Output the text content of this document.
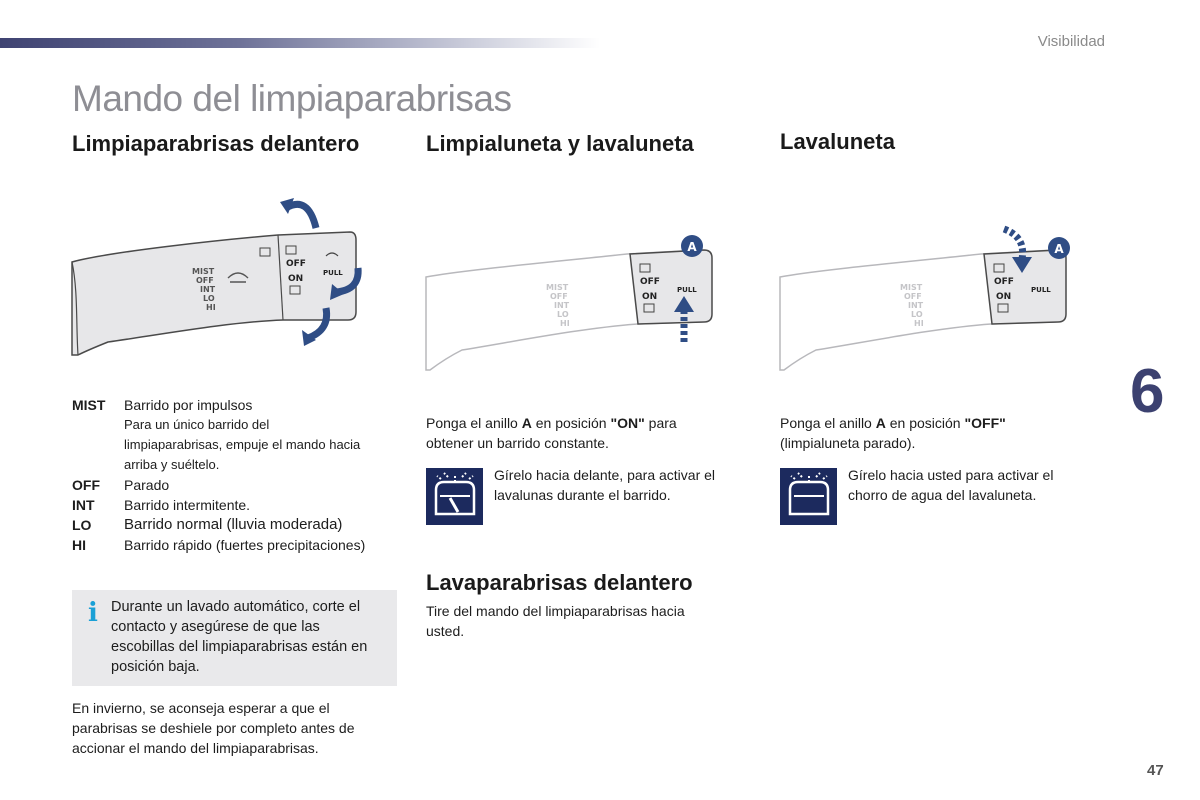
Visibilidad
Mando del limpiaparabrisas
Limpiaparabrisas delantero	Limpialuneta y lavaluneta	Lavaluneta
MIST
OFF
INT
LO
HI
OFF
ON
PULL
MIST
OFF
INT
LO
HI
OFF
ON
PULL
A
MIST
OFF
INT
LO
HI
OFF
ON
PULL
A
MIST	Barrido por impulsos
Para un único barrido del
limpiaparabrisas, empuje el mando hacia
arriba y suéltelo.
OFF	Parado
INT	Barrido intermitente.
LO	Barrido normal (lluvia moderada)
HI	Barrido rápido (fuertes precipitaciones)
i Durante un lavado automático, corte el contacto y asegúrese de que las escobillas del limpiaparabrisas están en posición baja.
En invierno, se aconseja esperar a que el parabrisas se deshiele por completo antes de accionar el mando del limpiaparabrisas.
Ponga el anillo A en posición "ON" para obtener un barrido constante.
Gírelo hacia delante, para activar el lavalunas durante el barrido.
Lavaparabrisas delantero
Tire del mando del limpiaparabrisas hacia usted.
Ponga el anillo A en posición "OFF" (limpialuneta parado).
Gírelo hacia usted para activar el chorro de agua del lavaluneta.
6
47
